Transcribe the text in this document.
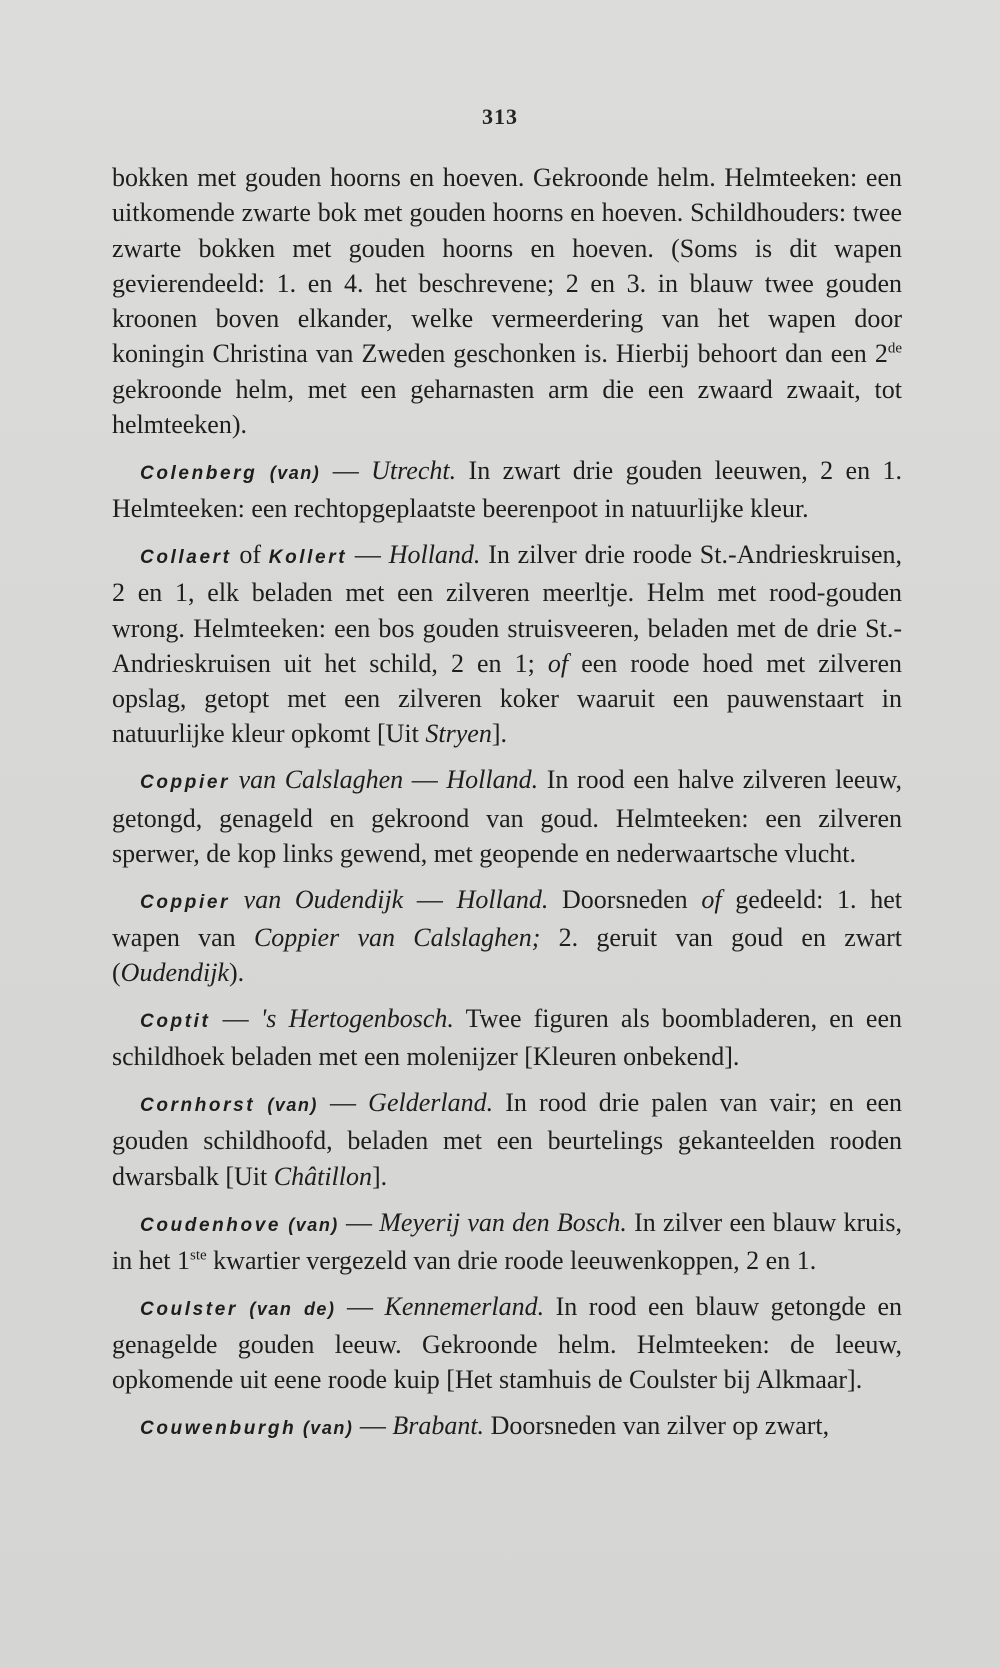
313

bokken met gouden hoorns en hoeven. Gekroonde helm. Helmteeken: een uitkomende zwarte bok met gouden hoorns en hoeven. Schildhouders: twee zwarte bokken met gouden hoorns en hoeven. (Soms is dit wapen gevierendeeld: 1. en 4. het beschrevene; 2 en 3. in blauw twee gouden kroonen boven elkander, welke vermeerdering van het wapen door koningin Christina van Zweden geschonken is. Hierbij behoort dan een 2de gekroonde helm, met een geharnasten arm die een zwaard zwaait, tot helmteeken).

Colenberg (van) — Utrecht. In zwart drie gouden leeuwen, 2 en 1. Helmteeken: een rechtopgeplaatste beerenpoot in natuurlijke kleur.

Collaert of Kollert — Holland. In zilver drie roode St.-Andrieskruisen, 2 en 1, elk beladen met een zilveren meerltje. Helm met rood-gouden wrong. Helmteeken: een bos gouden struisveeren, beladen met de drie St.-Andrieskruisen uit het schild, 2 en 1; of een roode hoed met zilveren opslag, getopt met een zilveren koker waaruit een pauwenstaart in natuurlijke kleur opkomt [Uit Stryen].

Coppier van Calslaghen — Holland. In rood een halve zilveren leeuw, getongd, genageld en gekroond van goud. Helmteeken: een zilveren sperwer, de kop links gewend, met geopende en nederwaartsche vlucht.

Coppier van Oudendijk — Holland. Doorsneden of gedeeld: 1. het wapen van Coppier van Calslaghen; 2. geruit van goud en zwart (Oudendijk).

Coptit — 's Hertogenbosch. Twee figuren als boombladeren, en een schildhoek beladen met een molenijzer [Kleuren onbekend].

Cornhorst (van) — Gelderland. In rood drie palen van vair; en een gouden schildhoofd, beladen met een beurtelings gekanteelden rooden dwarsbalk [Uit Châtillon].

Coudenhove (van) — Meyerij van den Bosch. In zilver een blauw kruis, in het 1ste kwartier vergezeld van drie roode leeuwenkoppen, 2 en 1.

Coulster (van de) — Kennemerland. In rood een blauw getongde en genagelde gouden leeuw. Gekroonde helm. Helmteeken: de leeuw, opkomende uit eene roode kuip [Het stamhuis de Coulster bij Alkmaar].

Couwenburgh (van) — Brabant. Doorsneden van zilver op zwart,
